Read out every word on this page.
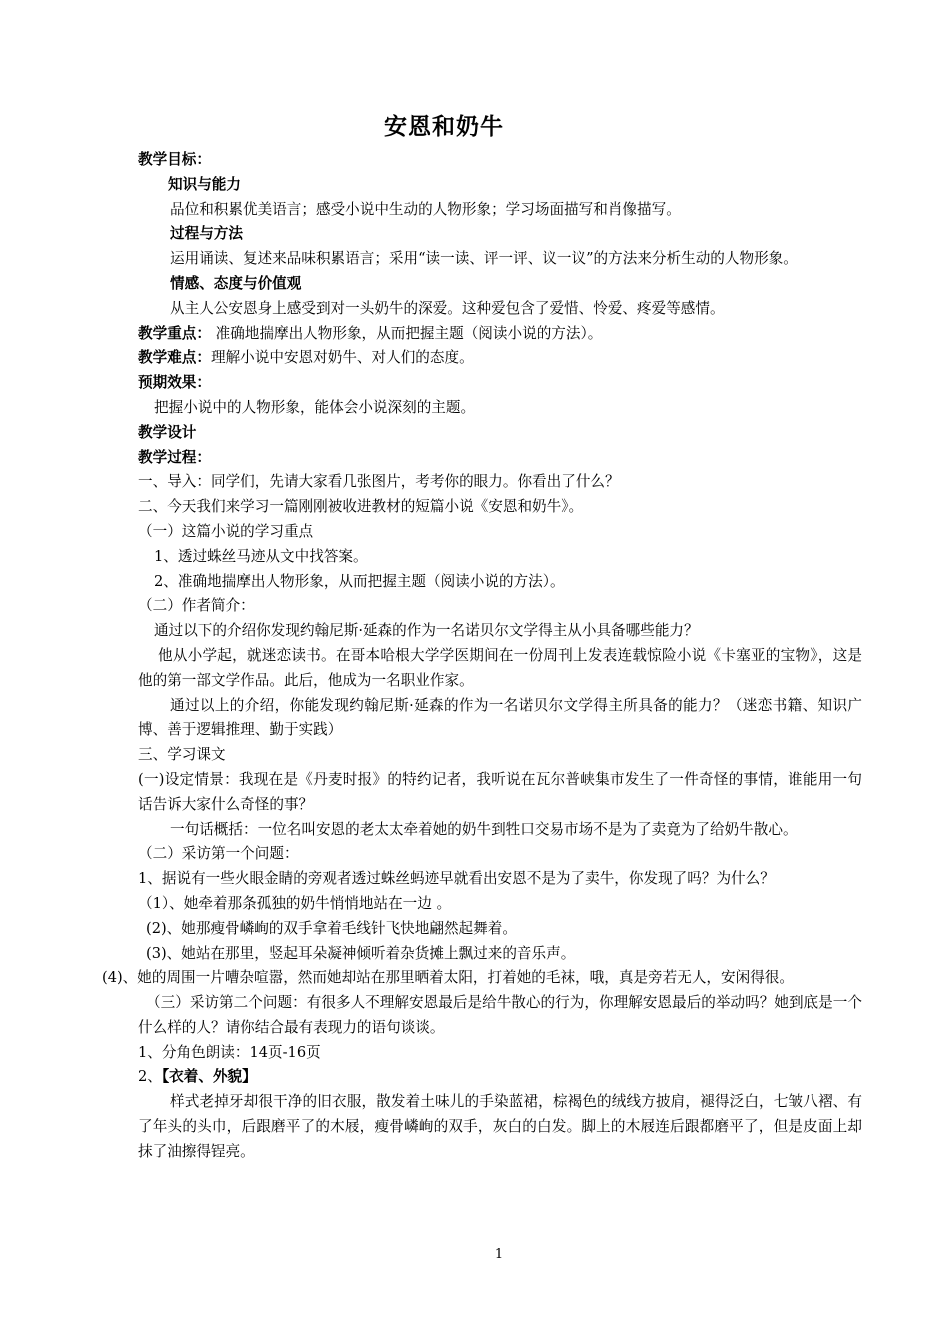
安恩和奶牛

教学目标：

知识与能力

品位和积累优美语言；感受小说中生动的人物形象；学习场面描写和肖像描写。

过程与方法

运用诵读、复述来品味积累语言；采用“读一读、评一评、议一议”的方法来分析生动的人物形象。

情感、态度与价值观

从主人公安恩身上感受到对一头奶牛的深爱。这种爱包含了爱惜、怜爱、疼爱等感情。

教学重点： 准确地揣摩出人物形象，从而把握主题（阅读小说的方法）。

教学难点：理解小说中安恩对奶牛、对人们的态度。

预期效果：

把握小说中的人物形象，能体会小说深刻的主题。

教学设计

教学过程：

一、导入：同学们，先请大家看几张图片，考考你的眼力。你看出了什么？

二、今天我们来学习一篇刚刚被收进教材的短篇小说《安恩和奶牛》。

（一）这篇小说的学习重点

1、透过蛛丝马迹从文中找答案。

2、准确地揣摩出人物形象，从而把握主题（阅读小说的方法）。

（二）作者简介：

通过以下的介绍你发现约翰尼斯·延森的作为一名诺贝尔文学得主从小具备哪些能力？

他从小学起，就迷恋读书。在哥本哈根大学学医期间在一份周刊上发表连载惊险小说《卡塞亚的宝物》，这是他的第一部文学作品。此后，他成为一名职业作家。

通过以上的介绍，你能发现约翰尼斯·延森的作为一名诺贝尔文学得主所具备的能力？（迷恋书籍、知识广博、善于逻辑推理、勤于实践）

三、学习课文

(一)设定情景：我现在是《丹麦时报》的特约记者，我听说在瓦尔普峡集市发生了一件奇怪的事情，谁能用一句话告诉大家什么奇怪的事？

一句话概括：一位名叫安恩的老太太牵着她的奶牛到牲口交易市场不是为了卖竟为了给奶牛散心。

（二）采访第一个问题：

1、据说有一些火眼金睛的旁观者透过蛛丝蚂迹早就看出安恩不是为了卖牛，你发现了吗？为什么？

（1）、她牵着那条孤独的奶牛悄悄地站在一边 。

(2)、她那瘦骨嶙峋的双手拿着毛线针飞快地翩然起舞着。

(3)、她站在那里，竖起耳朵凝神倾听着杂货摊上飘过来的音乐声。

(4)、她的周围一片嘈杂喧嚣，然而她却站在那里晒着太阳，打着她的毛袜，哦，真是旁若无人，安闲得很。

（三）采访第二个问题：有很多人不理解安恩最后是给牛散心的行为，你理解安恩最后的举动吗？她到底是一个什么样的人？请你结合最有表现力的语句谈谈。

1、分角色朗读：14页-16页

2、【衣着、外貌】

样式老掉牙却很干净的旧衣服，散发着土味儿的手染蓝裙，棕褐色的绒线方披肩，褪得泛白，七皱八褶、有了年头的头巾，后跟磨平了的木屐，瘦骨嶙峋的双手，灰白的白发。脚上的木屐连后跟都磨平了，但是皮面上却抹了油擦得锃亮。

1
